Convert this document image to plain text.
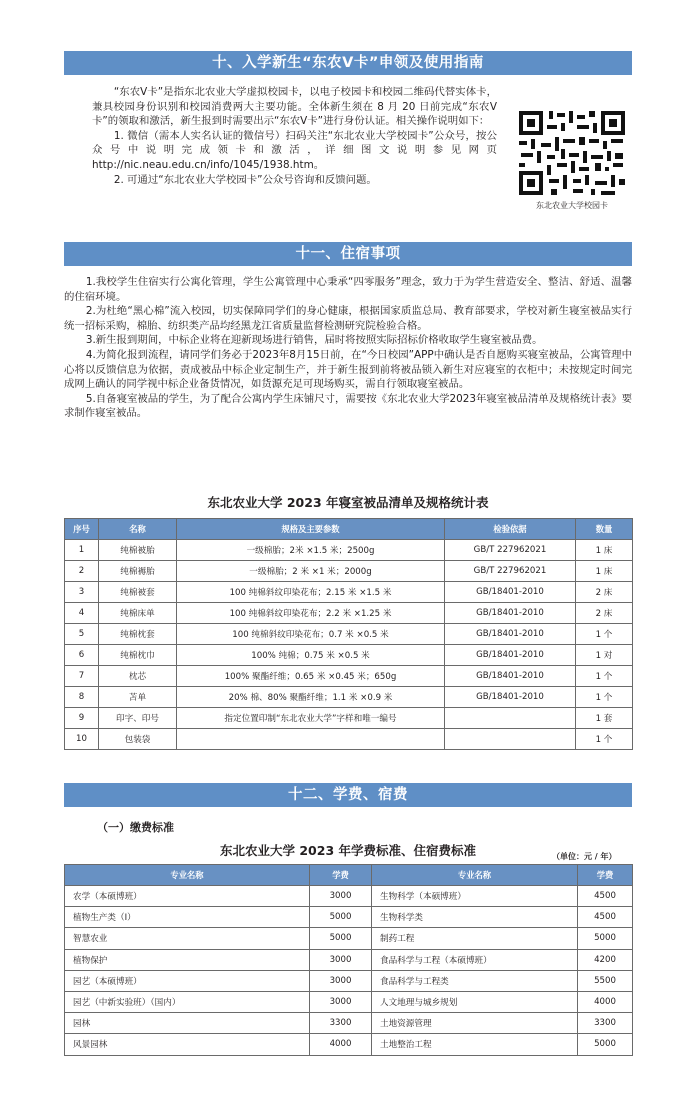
十、入学新生“东农Ⅴ卡”申领及使用指南

“东农Ⅴ卡”是指东北农业大学虚拟校园卡，以电子校园卡和校园二维码代替实体卡，兼具校园身份识别和校园消费两大主要功能。全体新生须在 8 月 20 日前完成“东农Ⅴ卡”的领取和激活，新生报到时需要出示“东农Ⅴ卡”进行身份认证。相关操作说明如下：

1. 微信（需本人实名认证的微信号）扫码关注“东北农业大学校园卡”公众号，按公众号中说明完成领卡和激活，详细图文说明参见网页 http://nic.neau.edu.cn/info/1045/1938.htm。

2. 可通过“东北农业大学校园卡”公众号咨询和反馈问题。

东北农业大学校园卡
十一、住宿事项

1.我校学生住宿实行公寓化管理，学生公寓管理中心秉承“四零服务”理念，致力于为学生营造安全、整洁、舒适、温馨的住宿环境。

2.为杜绝“黑心棉”流入校园，切实保障同学们的身心健康，根据国家质监总局、教育部要求，学校对新生寝室被品实行统一招标采购，棉胎、纺织类产品均经黑龙江省质量监督检测研究院检验合格。

3.新生报到期间，中标企业将在迎新现场进行销售，届时将按照实际招标价格收取学生寝室被品费。

4.为简化报到流程，请同学们务必于2023年8月15日前，在“今日校园”APP中确认是否自愿购买寝室被品，公寓管理中心将以反馈信息为依据，责成被品中标企业定制生产，并于新生报到前将被品锁入新生对应寝室的衣柜中；未按规定时间完成网上确认的同学视中标企业备货情况，如货源充足可现场购买，需自行领取寝室被品。

5.自备寝室被品的学生，为了配合公寓内学生床铺尺寸，需要按《东北农业大学2023年寝室被品清单及规格统计表》要求制作寝室被品。

东北农业大学 2023 年寝室被品清单及规格统计表
序号	名称	规格及主要参数	检验依据	数量
1	纯棉被胎	一级棉胎；2米 ×1.5 米；2500g	GB/T 227962021	1 床
2	纯棉褥胎	一级棉胎；2 米 ×1 米；2000g	GB/T 227962021	1 床
3	纯棉被套	100 纯棉斜纹印染花布；2.15 米 ×1.5 米	GB/18401-2010	2 床
4	纯棉床单	100 纯棉斜纹印染花布；2.2 米 ×1.25 米	GB/18401-2010	2 床
5	纯棉枕套	100 纯棉斜纹印染花布；0.7 米 ×0.5 米	GB/18401-2010	1 个
6	纯棉枕巾	100% 纯棉；0.75 米 ×0.5 米	GB/18401-2010	1 对
7	枕芯	100% 聚酯纤维；0.65 米 ×0.45 米；650g	GB/18401-2010	1 个
8	苫单	20% 棉、80% 聚酯纤维；1.1 米 ×0.9 米	GB/18401-2010	1 个
9	印字、印号	指定位置印制“东北农业大学”字样和唯一编号		1 套
10	包装袋			1 个
十二、学费、宿费
（一）缴费标准
东北农业大学 2023 年学费标准、住宿费标准	（单位：元 / 年）
专业名称	学费	专业名称	学费
农学（本硕博班）	3000	生物科学（本硕博班）	4500
植物生产类（I）	5000	生物科学类	4500
智慧农业	5000	制药工程	5000
植物保护	3000	食品科学与工程（本硕博班）	4200
园艺（本硕博班）	3000	食品科学与工程类	5500
园艺（中新实验班）（国内）	3000	人文地理与城乡规划	4000
园林	3300	土地资源管理	3300
风景园林	4000	土地整治工程	5000
